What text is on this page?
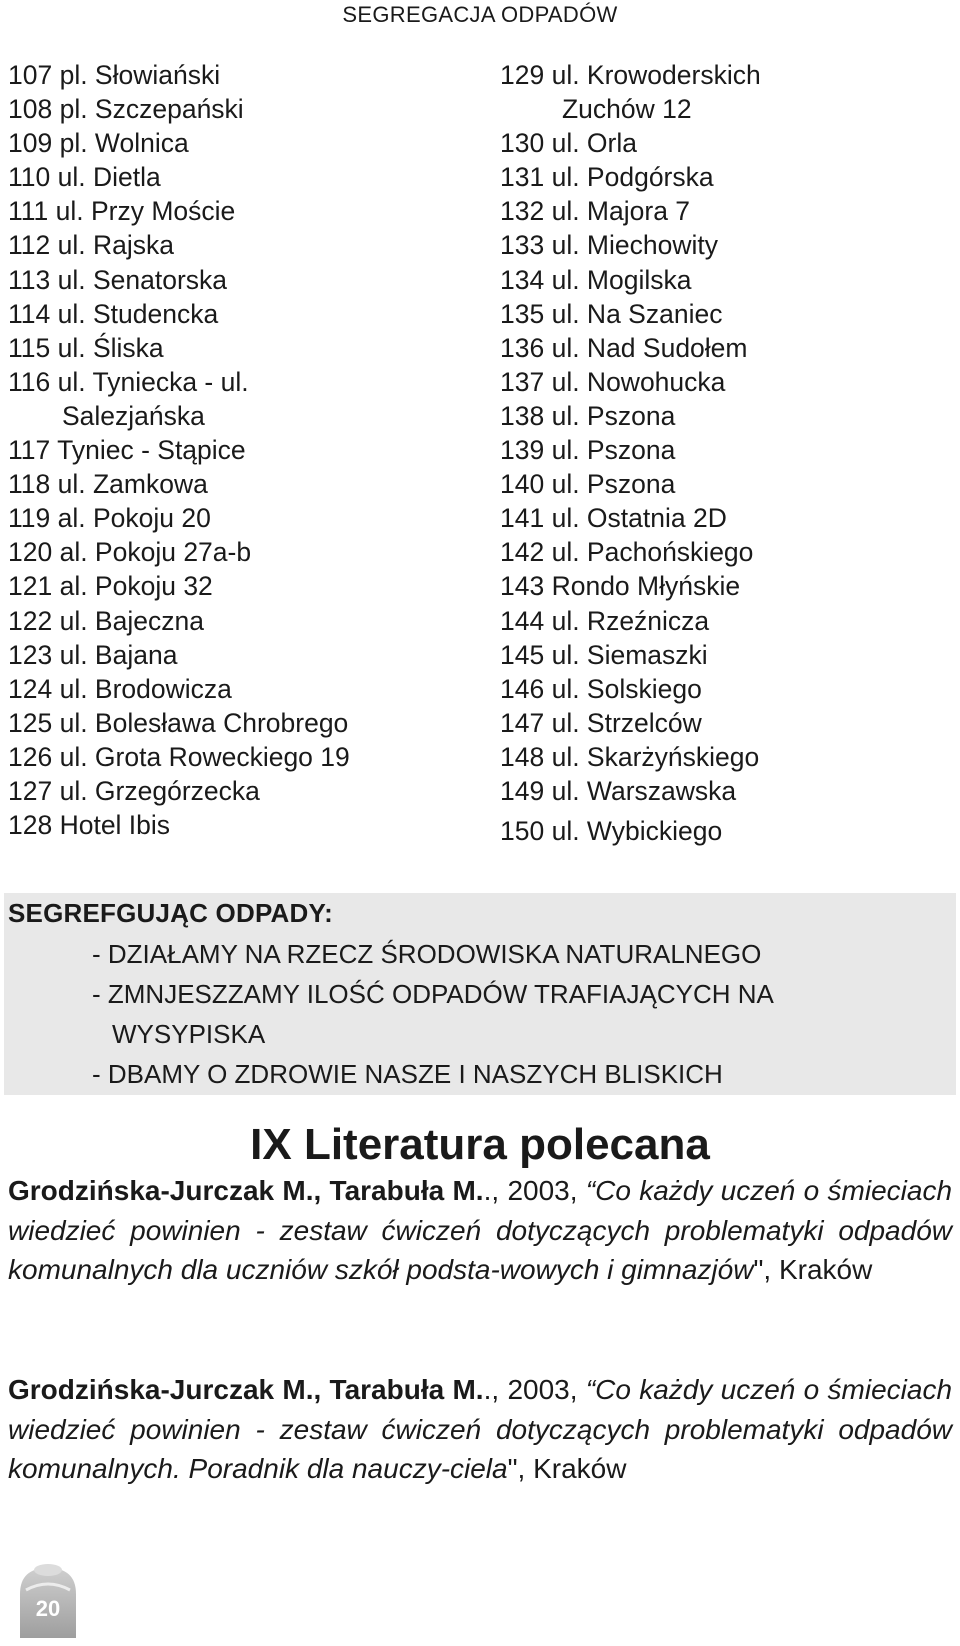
SEGREGACJA ODPADÓW
107 pl. Słowiański
108 pl. Szczepański
109 pl. Wolnica
110 ul. Dietla
111 ul. Przy Moście
112 ul. Rajska
113 ul. Senatorska
114 ul. Studencka
115 ul. Śliska
116 ul. Tyniecka - ul.
Salezjańska
117 Tyniec - Stąpice
118 ul. Zamkowa
119 al. Pokoju 20
120 al. Pokoju 27a-b
121 al. Pokoju 32
122 ul. Bajeczna
123 ul. Bajana
124 ul. Brodowicza
125 ul. Bolesława Chrobrego
126 ul. Grota Roweckiego 19
127 ul. Grzegórzecka
128 Hotel Ibis
129 ul. Krowoderskich
Zuchów 12
130 ul. Orla
131 ul. Podgórska
132 ul. Majora 7
133 ul. Miechowity
134 ul. Mogilska
135 ul. Na Szaniec
136 ul. Nad Sudołem
137 ul. Nowohucka
138 ul. Pszona
139 ul. Pszona
140 ul. Pszona
141 ul. Ostatnia 2D
142 ul. Pachońskiego
143 Rondo Młyńskie
144 ul. Rzeźnicza
145 ul. Siemaszki
146 ul. Solskiego
147 ul. Strzelców
148 ul. Skarżyńskiego
149 ul. Warszawska
150 ul. Wybickiego
SEGREFGUJĄC ODPADY:
- DZIAŁAMY NA RZECZ ŚRODOWISKA NATURALNEGO
- ZMNJESZZAMY ILOŚĆ ODPADÓW TRAFIAJĄCYCH NA
WYSYPISKA
- DBAMY O ZDROWIE NASZE I NASZYCH BLISKICH
IX Literatura polecana
Grodzińska-Jurczak M., Tarabuła M.., 2003, “Co każdy uczeń o śmieciach wiedzieć powinien - zestaw ćwiczeń dotyczących problematyki odpadów komunalnych dla uczniów szkół podsta-wowych i gimnazjów", Kraków
Grodzińska-Jurczak M., Tarabuła M.., 2003, “Co każdy uczeń o śmieciach wiedzieć powinien - zestaw ćwiczeń dotyczących problematyki odpadów komunalnych. Poradnik dla nauczy-ciela", Kraków
20
